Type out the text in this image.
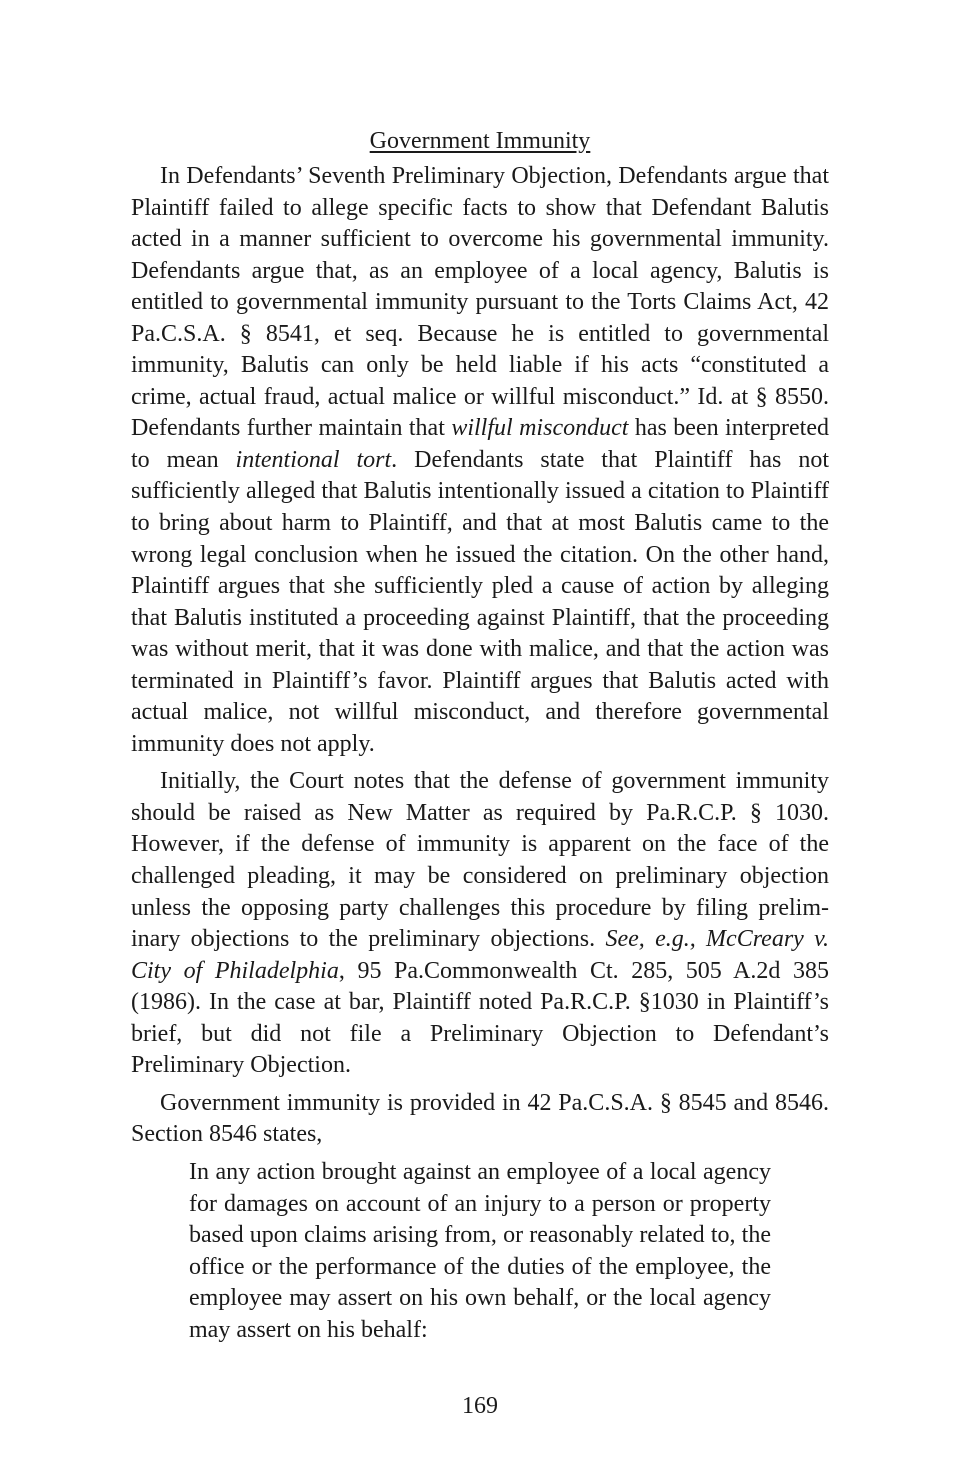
Government Immunity

In Defendants’ Seventh Preliminary Objection, Defendants argue that Plaintiff failed to allege specific facts to show that Defendant Balutis acted in a manner sufficient to overcome his governmental immunity. Defendants argue that, as an employee of a local agency, Balutis is entitled to governmental immunity pursuant to the Torts Claims Act, 42 Pa.C.S.A. § 8541, et seq. Because he is entitled to governmental immunity, Balutis can only be held liable if his acts “constituted a crime, actual fraud, actual malice or willful misconduct.” Id. at § 8550. Defendants further maintain that willful misconduct has been interpreted to mean intentional tort. Defendants state that Plaintiff has not sufficiently alleged that Balutis intentionally issued a citation to Plaintiff to bring about harm to Plaintiff, and that at most Balutis came to the wrong legal conclusion when he issued the citation. On the other hand, Plaintiff argues that she sufficiently pled a cause of action by alleging that Balutis instituted a proceeding against Plaintiff, that the proceeding was without merit, that it was done with malice, and that the action was terminated in Plaintiff’s favor. Plaintiff argues that Balutis acted with actual malice, not willful misconduct, and therefore governmental immunity does not apply.

Initially, the Court notes that the defense of government immunity should be raised as New Matter as required by Pa.R.C.P. § 1030. However, if the defense of immunity is apparent on the face of the challenged pleading, it may be considered on preliminary objection unless the opposing party challenges this procedure by filing preliminary objections to the preliminary objections. See, e.g., McCreary v. City of Philadelphia, 95 Pa.Commonwealth Ct. 285, 505 A.2d 385 (1986). In the case at bar, Plaintiff noted Pa.R.C.P. §1030 in Plaintiff’s brief, but did not file a Preliminary Objection to Defendant’s Preliminary Objection.

Government immunity is provided in 42 Pa.C.S.A. § 8545 and 8546. Section 8546 states,

In any action brought against an employee of a local agency for damages on account of an injury to a person or property based upon claims arising from, or reasonably related to, the office or the performance of the duties of the employee, the employee may assert on his own behalf, or the local agency may assert on his behalf:
169
